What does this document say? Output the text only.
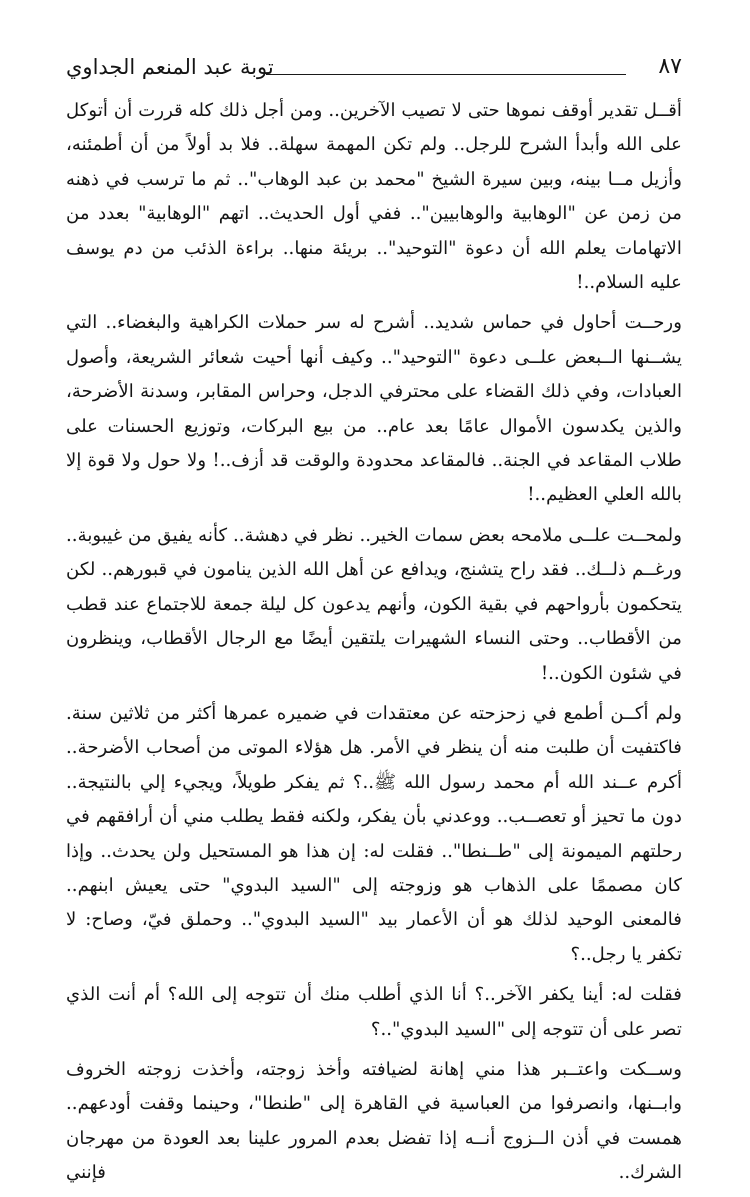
٨٧
توبة عبد المنعم الجداوي

أقــل تقدير أوقف نموها حتى لا تصيب الآخرين.. ومن أجل ذلك كله قررت أن أتوكل على الله وأبدأ الشرح للرجل.. ولم تكن المهمة سهلة.. فلا بد أولاً من أن أطمئنه، وأزيل مــا بينه، وبين سيرة الشيخ "محمد بن عبد الوهاب".. ثم ما ترسب في ذهنه من زمن عن "الوهابية والوهابيين".. ففي أول الحديث.. اتهم "الوهابية" بعدد من الاتهامات يعلم الله أن دعوة "التوحيد".. بريئة منها.. براءة الذئب من دم يوسف عليه السلام..!

ورحــت أحاول في حماس شديد.. أشرح له سر حملات الكراهية والبغضاء.. التي يشــنها الــبعض علــى دعوة "التوحيد".. وكيف أنها أحيت شعائر الشريعة، وأصول العبادات، وفي ذلك القضاء على محترفي الدجل، وحراس المقابر، وسدنة الأضرحة، والذين يكدسون الأموال عامًا بعد عام.. من بيع البركات، وتوزيع الحسنات على طلاب المقاعد في الجنة.. فالمقاعد محدودة والوقت قد أزف..! ولا حول ولا قوة إلا بالله العلي العظيم..!

ولمحــت علــى ملامحه بعض سمات الخير.. نظر في دهشة.. كأنه يفيق من غيبوبة.. ورغــم ذلــك.. فقد راح يتشنج، ويدافع عن أهل الله الذين ينامون في قبورهم.. لكن يتحكمون بأرواحهم في بقية الكون، وأنهم يدعون كل ليلة جمعة للاجتماع عند قطب من الأقطاب.. وحتى النساء الشهيرات يلتقين أيضًا مع الرجال الأقطاب، وينظرون في شئون الكون..!

ولم أكــن أطمع في زحزحته عن معتقدات في ضميره عمرها أكثر من ثلاثين سنة. فاكتفيت أن طلبت منه أن ينظر في الأمر. هل هؤلاء الموتى من أصحاب الأضرحة.. أكرم عــند الله أم محمد رسول الله ﷺ..؟ ثم يفكر طويلاً، ويجيء إلي بالنتيجة.. دون ما تحيز أو تعصــب.. ووعدني بأن يفكر، ولكنه فقط يطلب مني أن أرافقهم في رحلتهم الميمونة إلى "طــنطا".. فقلت له: إن هذا هو المستحيل ولن يحدث.. وإذا كان مصممًا على الذهاب هو وزوجته إلى "السيد البدوي" حتى يعيش ابنهم.. فالمعنى الوحيد لذلك هو أن الأعمار بيد "السيد البدوي".. وحملق فيّ، وصاح: لا تكفر يا رجل..؟

فقلت له: أينا يكفر الآخر..؟ أنا الذي أطلب منك أن تتوجه إلى الله؟ أم أنت الذي تصر على أن تتوجه إلى "السيد البدوي"..؟

وســكت واعتــبر هذا مني إهانة لضيافته وأخذ زوجته، وأخذت زوجته الخروف وابــنها، وانصرفوا من العباسية في القاهرة إلى "طنطا"، وحينما وقفت أودعهم.. همست في أذن الــزوج أنــه إذا تفضل بعدم المرور علينا بعد العودة من مهرجان الشرك.. فإنني
